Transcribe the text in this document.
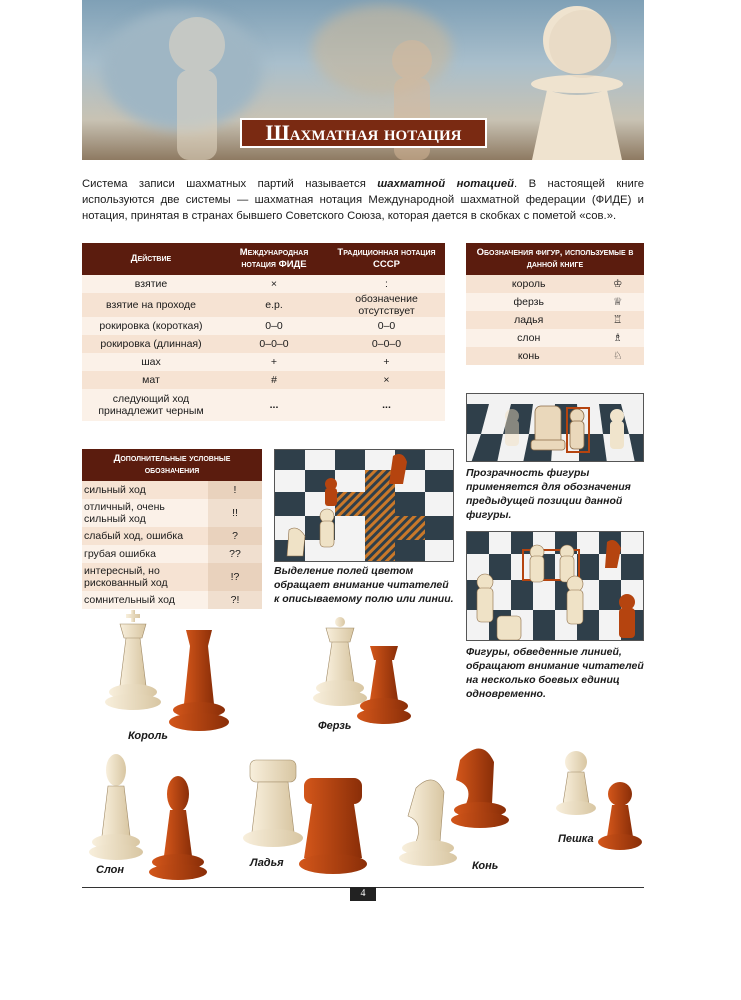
Шахматная нотация
Система записи шахматных партий называется шахматной нотацией. В настоящей книге используются две системы — шахматная нотация Международной шахматной федерации (ФИДЕ) и нотация, принятая в странах бывшего Советского Союза, которая дается в скобках с пометой «сов.».
Действие	Международная нотация ФИДЕ	Традиционная нотация СССР
взятие	×	:
взятие на проходе	e.p.	обозначение отсутствует
рокировка (короткая)	0–0	0–0
рокировка (длинная)	0–0–0	0–0–0
шах	+	+
мат	#	×
следующий ход принадлежит черным	...	...
Обозначения фигур, используемые в данной книге	
король	♔
ферзь	♕
ладья	♖
слон	♗
конь	♘
Дополнительные условные обозначения	
сильный ход	!
отличный, очень сильный ход	!!
слабый ход, ошибка	?
грубая ошибка	??
интересный, но рискованный ход	!?
сомнительный ход	?!
Прозрачность фигуры применяется для обозначения предыдущей позиции данной фигуры.
Выделение полей цветом обращает внимание читателей к описываемому полю или линии.
Фигуры, обведенные линией, обращают внимание читателей на несколько боевых единиц одновременно.
Король
Ферзь
Слон
Ладья	Конь
Пешка
4
